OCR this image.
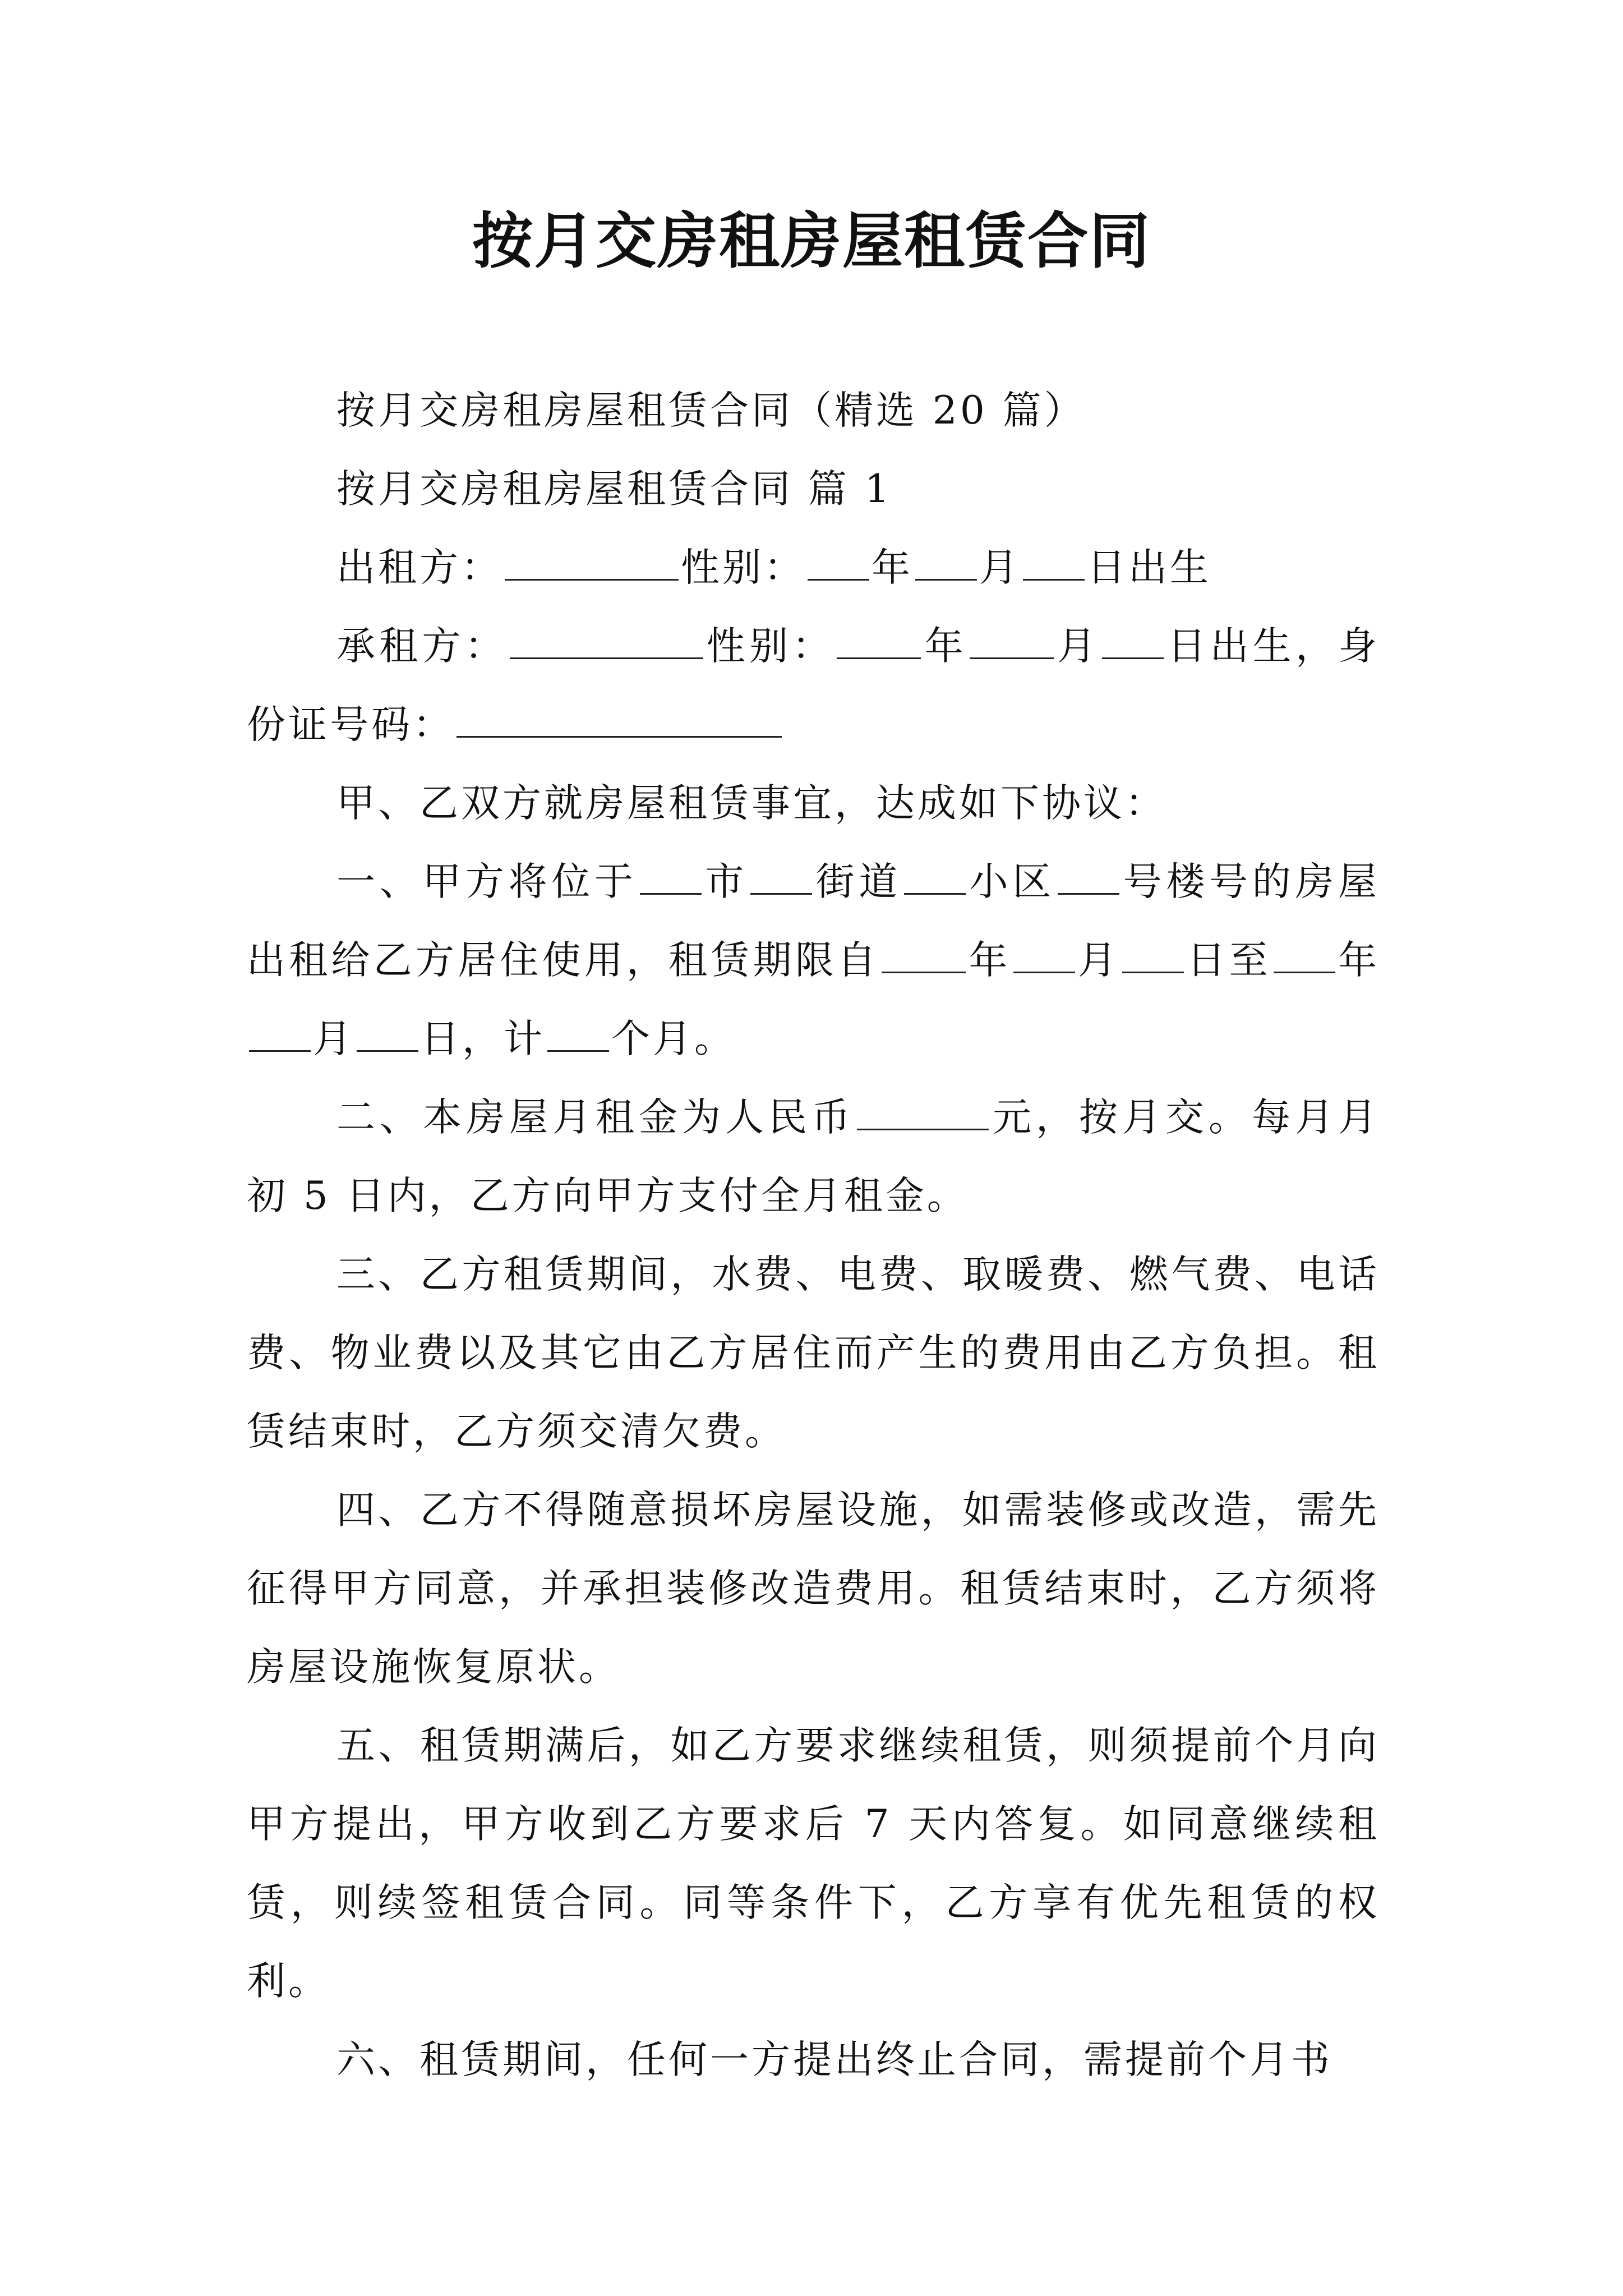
按月交房租房屋租赁合同

按月交房租房屋租赁合同（精选 20 篇）

按月交房租房屋租赁合同 篇 1

出租方：	性别： 年 月 日出生

承租方：	性别： 年 月 日出生，身份证号码：

甲、乙双方就房屋租赁事宜，达成如下协议：

一、甲方将位于 市 街道 小区 号楼号的房屋出租给乙方居住使用，租赁期限自 年 月 日至 年月 日，计 个月。

二、本房屋月租金为人民币	元，按月交。每月月初 5 日内，乙方向甲方支付全月租金。

三、乙方租赁期间，水费、电费、取暖费、燃气费、电话费、物业费以及其它由乙方居住而产生的费用由乙方负担。租赁结束时，乙方须交清欠费。

四、乙方不得随意损坏房屋设施，如需装修或改造，需先征得甲方同意，并承担装修改造费用。租赁结束时，乙方须将房屋设施恢复原状。

五、租赁期满后，如乙方要求继续租赁，则须提前个月向甲方提出，甲方收到乙方要求后 7 天内答复。如同意继续租赁，则续签租赁合同。同等条件下，乙方享有优先租赁的权利。

六、租赁期间，任何一方提出终止合同，需提前个月书
